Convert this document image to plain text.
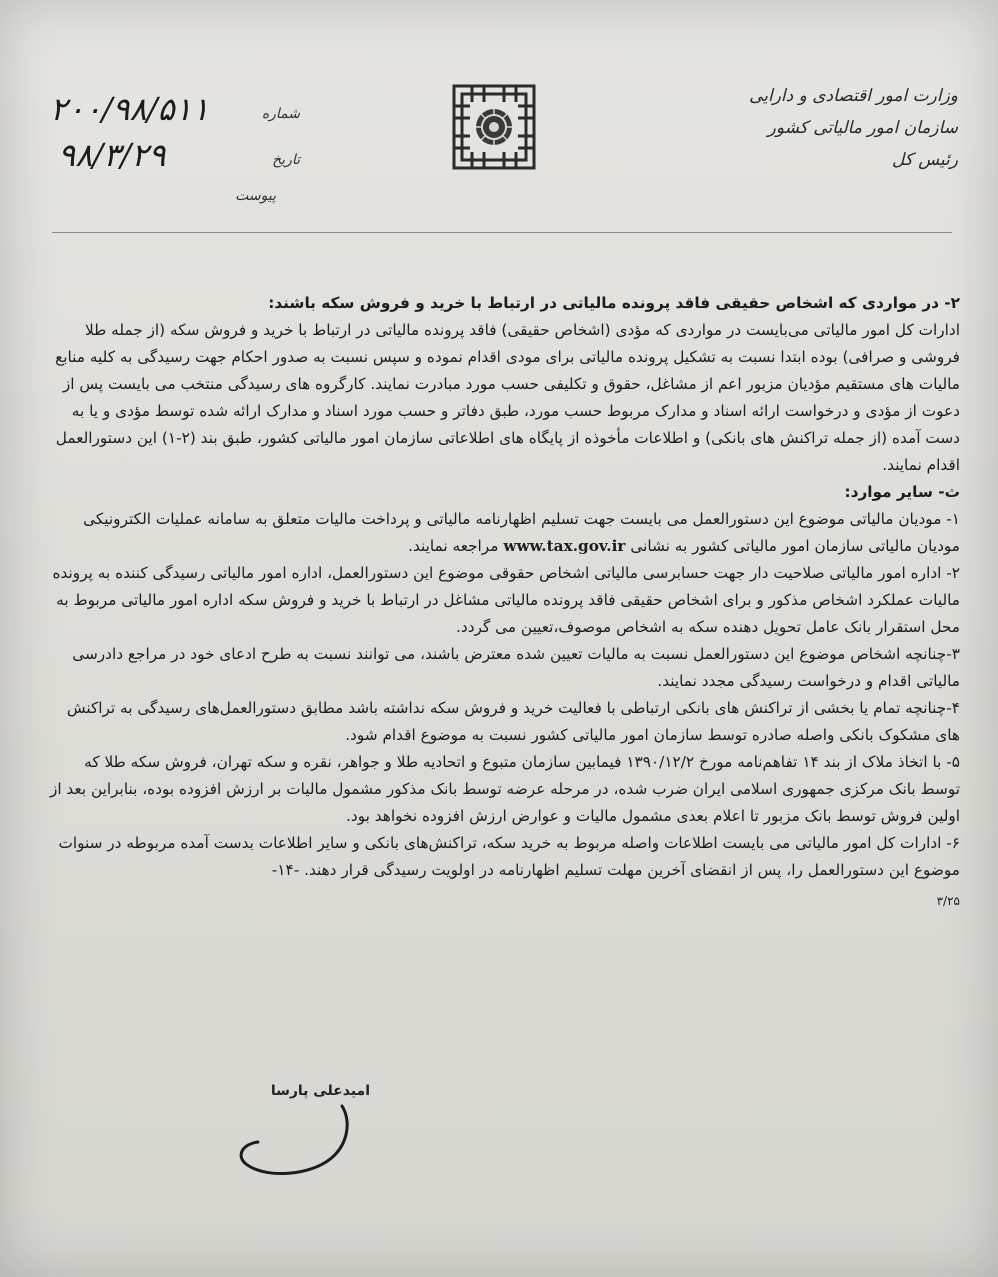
وزارت امور اقتصادی و دارایی
سازمان امور مالیاتی کشور
رئیس کل
شماره
۲۰۰/۹۸/۵۱۱
تاریخ
۹۸/۳/۲۹
پیوست

۲- در مواردی که اشخاص حقیقی فاقد پرونده مالیاتی در ارتباط با خرید و فروش سکه باشند:

ادارات کل امور مالیاتی می‌بایست در مواردی که مؤدی (اشخاص حقیقی) فاقد پرونده مالیاتی در ارتباط با خرید و فروش سکه (از جمله طلا فروشی و صرافی) بوده ابتدا نسبت به تشکیل پرونده مالیاتی برای مودی اقدام نموده و سپس نسبت به صدور احکام جهت رسیدگی به کلیه منابع مالیات های مستقیم مؤدیان مزبور اعم از مشاغل، حقوق و تکلیفی حسب مورد مبادرت نمایند. کارگروه های رسیدگی منتخب می بایست پس از دعوت از مؤدی و درخواست ارائه اسناد و مدارک مربوط حسب مورد، طبق دفاتر و حسب مورد اسناد و مدارک ارائه شده توسط مؤدی و یا به دست آمده (از جمله تراکنش های بانکی) و اطلاعات مأخوذه از پایگاه های اطلاعاتی سازمان امور مالیاتی کشور، طبق بند (۲-۱) این دستورالعمل اقدام نمایند.

ث- سایر موارد:

۱- مودیان مالیاتی موضوع این دستورالعمل می بایست جهت تسلیم اظهارنامه مالیاتی و پرداخت مالیات متعلق به سامانه عملیات الکترونیکی مودیان مالیاتی سازمان امور مالیاتی کشور به نشانی www.tax.gov.ir مراجعه نمایند.

۲- اداره امور مالیاتی صلاحیت دار جهت حسابرسی مالیاتی اشخاص حقوقی موضوع این دستورالعمل، اداره امور مالیاتی رسیدگی کننده به پرونده مالیات عملکرد اشخاص مذکور و برای اشخاص حقیقی فاقد پرونده مالیاتی مشاغل در ارتباط با خرید و فروش سکه اداره امور مالیاتی مربوط به محل استقرار بانک عامل تحویل دهنده سکه به اشخاص موصوف،تعیین می گردد.

۳-چنانچه اشخاص موضوع این دستورالعمل نسبت به مالیات تعیین شده معترض باشند، می توانند نسبت به طرح ادعای خود در مراجع دادرسی مالیاتی اقدام و درخواست رسیدگی مجدد نمایند.

۴-چنانچه تمام یا بخشی از تراکنش های بانکی ارتباطی با فعالیت خرید و فروش سکه نداشته باشد مطابق دستورالعمل‌های رسیدگی به تراکنش های مشکوک بانکی واصله صادره توسط سازمان امور مالیاتی کشور نسبت به موضوع اقدام شود.

۵- با اتخاذ ملاک از بند ۱۴ تفاهم‌نامه مورخ ۱۳۹۰/۱۲/۲ فیمابین سازمان متبوع و اتحادیه طلا و جواهر، نقره و سکه تهران، فروش سکه طلا که توسط بانک مرکزی جمهوری اسلامی ایران ضرب شده، در مرحله عرضه توسط بانک مذکور مشمول مالیات بر ارزش افزوده بوده، بنابراین بعد از اولین فروش توسط بانک مزبور تا اعلام بعدی مشمول مالیات و عوارض ارزش افزوده نخواهد بود.

۶- ادارات کل امور مالیاتی می بایست اطلاعات واصله مربوط به خرید سکه، تراکنش‌های بانکی و سایر اطلاعات بدست آمده مربوطه در سنوات موضوع این دستورالعمل را، پس از انقضای آخرین مهلت تسلیم اظهارنامه در اولویت رسیدگی قرار دهند. -۱۴-

۳/۲۵

امیدعلی پارسا
